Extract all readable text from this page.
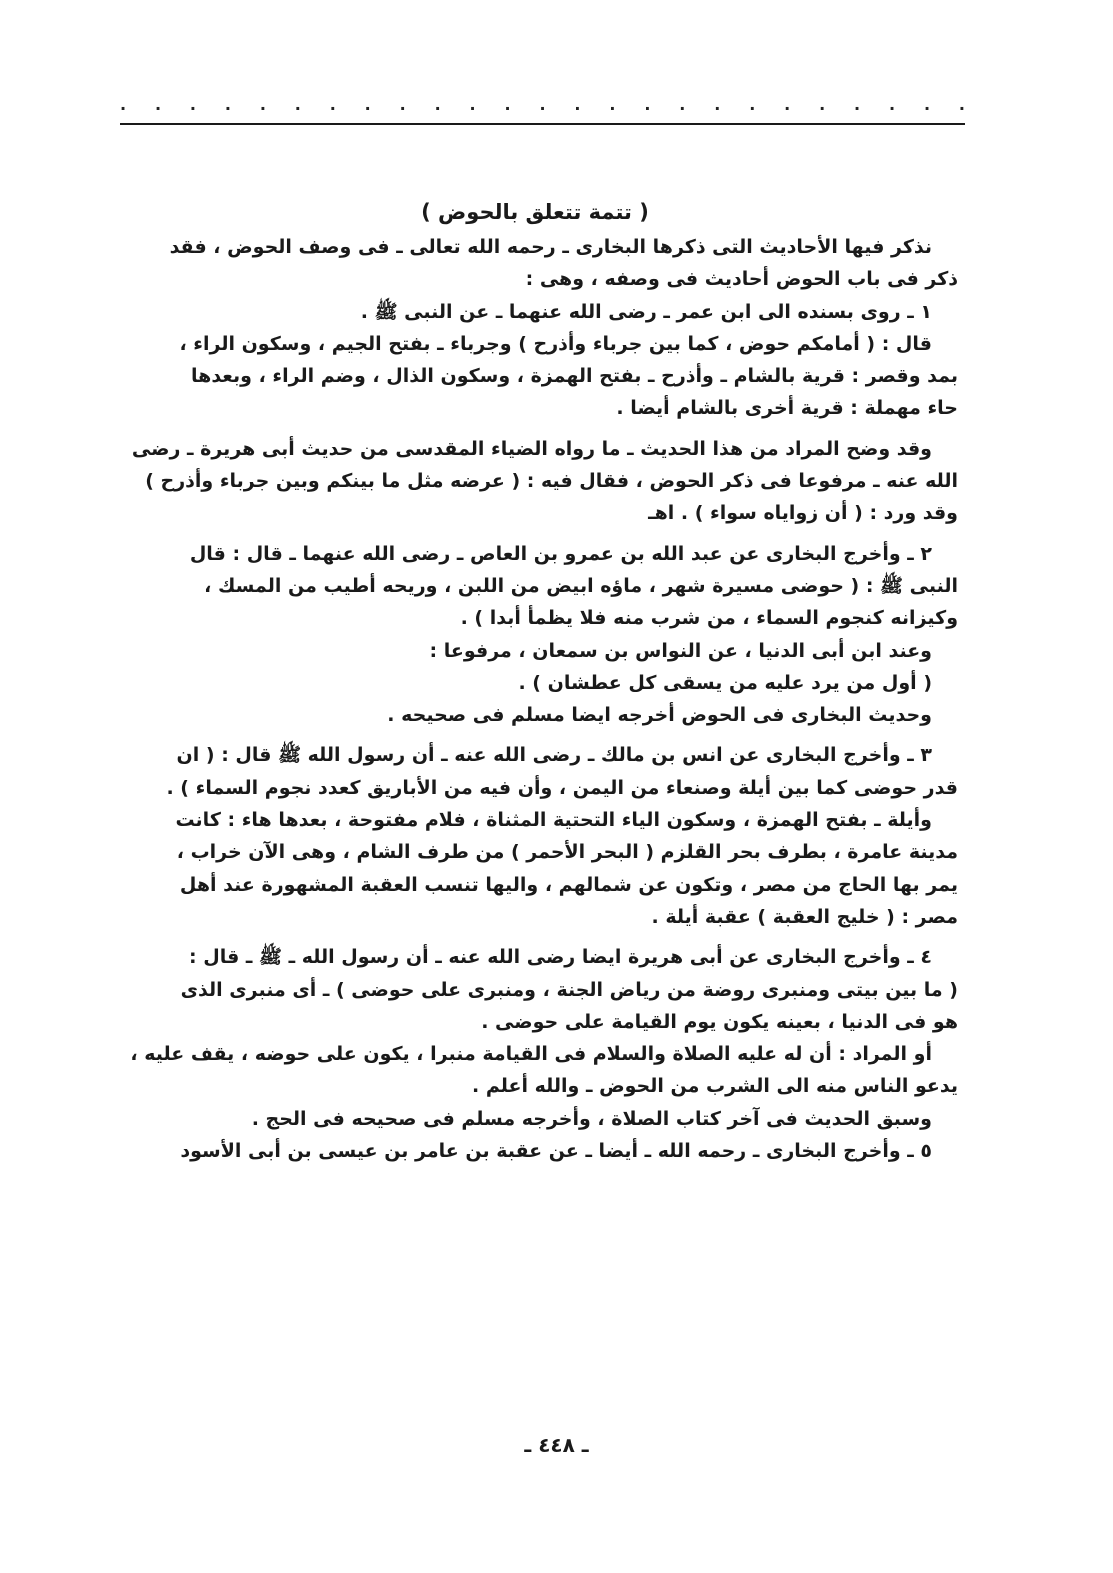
. . . . . . . . . . . . . . . . . . . . . . . . .
( تتمة تتعلق بالحوض )

نذكر فيها الأحاديث التى ذكرها البخارى ـ رحمه الله تعالى ـ فى وصف الحوض ، فقد

ذكر فى باب الحوض أحاديث فى وصفه ، وهى :

١ ـ روى بسنده الى ابن عمر ـ رضى الله عنهما ـ عن النبى ﷺ .

قال : ( أمامكم حوض ، كما بين جرباء وأذرح ) وجرباء ـ بفتح الجيم ، وسكون الراء ،

بمد وقصر : قرية بالشام ـ وأذرح ـ بفتح الهمزة ، وسكون الذال ، وضم الراء ، وبعدها

حاء مهملة : قرية أخرى بالشام أيضا .

وقد وضح المراد من هذا الحديث ـ ما رواه الضياء المقدسى من حديث أبى هريرة ـ رضى

الله عنه ـ مرفوعا فى ذكر الحوض ، فقال فيه : ( عرضه مثل ما بينكم وبين جرباء وأذرح )

وقد ورد : ( أن زواياه سواء ) . اهـ

٢ ـ وأخرج البخارى عن عبد الله بن عمرو بن العاص ـ رضى الله عنهما ـ قال : قال

النبى ﷺ : ( حوضى مسيرة شهر ، ماؤه ابيض من اللبن ، وريحه أطيب من المسك ،

وكيزانه كنجوم السماء ، من شرب منه فلا يظمأ أبدا ) .

وعند ابن أبى الدنيا ، عن النواس بن سمعان ، مرفوعا :

( أول من يرد عليه من يسقى كل عطشان ) .

وحديث البخارى فى الحوض أخرجه ايضا مسلم فى صحيحه .

٣ ـ وأخرج البخارى عن انس بن مالك ـ رضى الله عنه ـ أن رسول الله ﷺ قال : ( ان

قدر حوضى كما بين أيلة وصنعاء من اليمن ، وأن فيه من الأباريق كعدد نجوم السماء ) .

وأيلة ـ بفتح الهمزة ، وسكون الياء التحتية المثناة ، فلام مفتوحة ، بعدها هاء : كانت

مدينة عامرة ، بطرف بحر القلزم ( البحر الأحمر ) من طرف الشام ، وهى الآن خراب ،

يمر بها الحاج من مصر ، وتكون عن شمالهم ، واليها تنسب العقبة المشهورة عند أهل

مصر : ( خليج العقبة ) عقبة أيلة .

٤ ـ وأخرج البخارى عن أبى هريرة ايضا رضى الله عنه ـ أن رسول الله ـ ﷺ ـ قال :

( ما بين بيتى ومنبرى روضة من رياض الجنة ، ومنبرى على حوضى ) ـ أى منبرى الذى

هو فى الدنيا ، بعينه يكون يوم القيامة على حوضى .

أو المراد : أن له عليه الصلاة والسلام فى القيامة منبرا ، يكون على حوضه ، يقف عليه ،

يدعو الناس منه الى الشرب من الحوض ـ والله أعلم .

وسبق الحديث فى آخر كتاب الصلاة ، وأخرجه مسلم فى صحيحه فى الحج .

٥ ـ وأخرج البخارى ـ رحمه الله ـ أيضا ـ عن عقبة بن عامر بن عيسى بن أبى الأسود

ـ ٤٤٨ ـ
